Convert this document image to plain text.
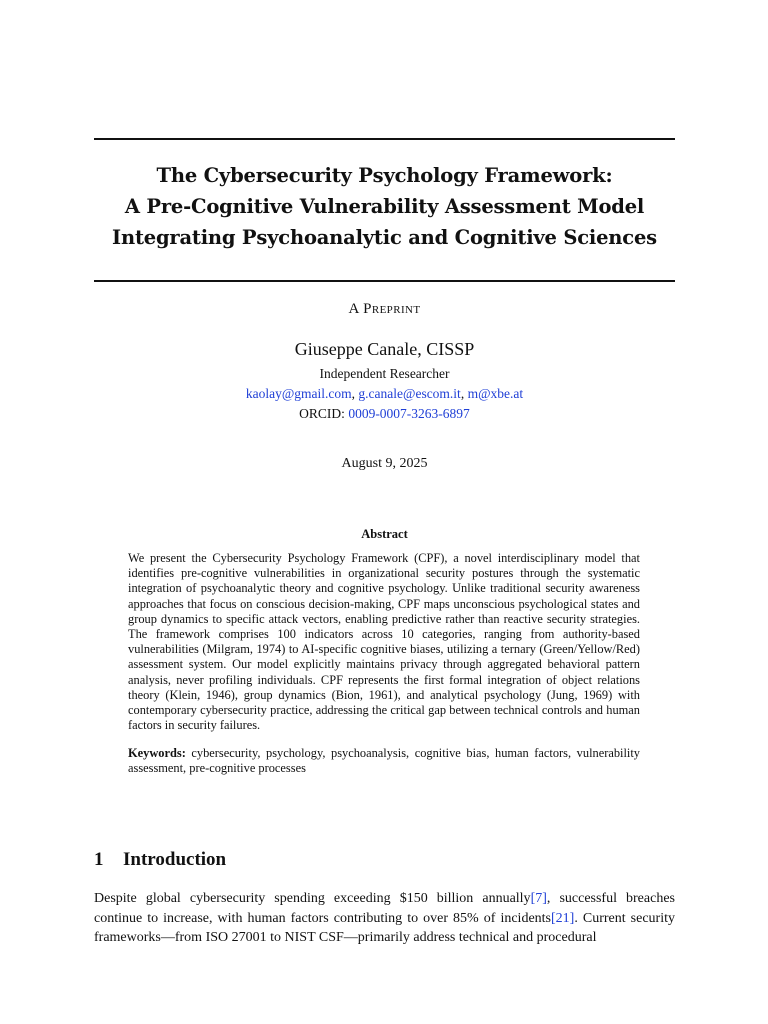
The Cybersecurity Psychology Framework:
A Pre-Cognitive Vulnerability Assessment Model
Integrating Psychoanalytic and Cognitive Sciences
A Preprint
Giuseppe Canale, CISSP
Independent Researcher
kaolay@gmail.com, g.canale@escom.it, m@xbe.at
ORCID: 0009-0007-3263-6897
August 9, 2025
Abstract
We present the Cybersecurity Psychology Framework (CPF), a novel interdisciplinary model that identifies pre-cognitive vulnerabilities in organizational security postures through the systematic integration of psychoanalytic theory and cognitive psychology. Unlike traditional security awareness approaches that focus on conscious decision-making, CPF maps unconscious psychological states and group dynamics to specific attack vectors, enabling predictive rather than reactive security strategies. The framework comprises 100 indicators across 10 categories, ranging from authority-based vulnerabilities (Milgram, 1974) to AI-specific cognitive biases, utilizing a ternary (Green/Yellow/Red) assessment system. Our model explicitly maintains privacy through aggregated behavioral pattern analysis, never profiling individuals. CPF represents the first formal integration of object relations theory (Klein, 1946), group dynamics (Bion, 1961), and analytical psychology (Jung, 1969) with contemporary cybersecurity practice, addressing the critical gap between technical controls and human factors in security failures.
Keywords: cybersecurity, psychology, psychoanalysis, cognitive bias, human factors, vulnerability assessment, pre-cognitive processes
1 Introduction
Despite global cybersecurity spending exceeding $150 billion annually[7], successful breaches continue to increase, with human factors contributing to over 85% of incidents[21]. Current security frameworks—from ISO 27001 to NIST CSF—primarily address technical and procedural
